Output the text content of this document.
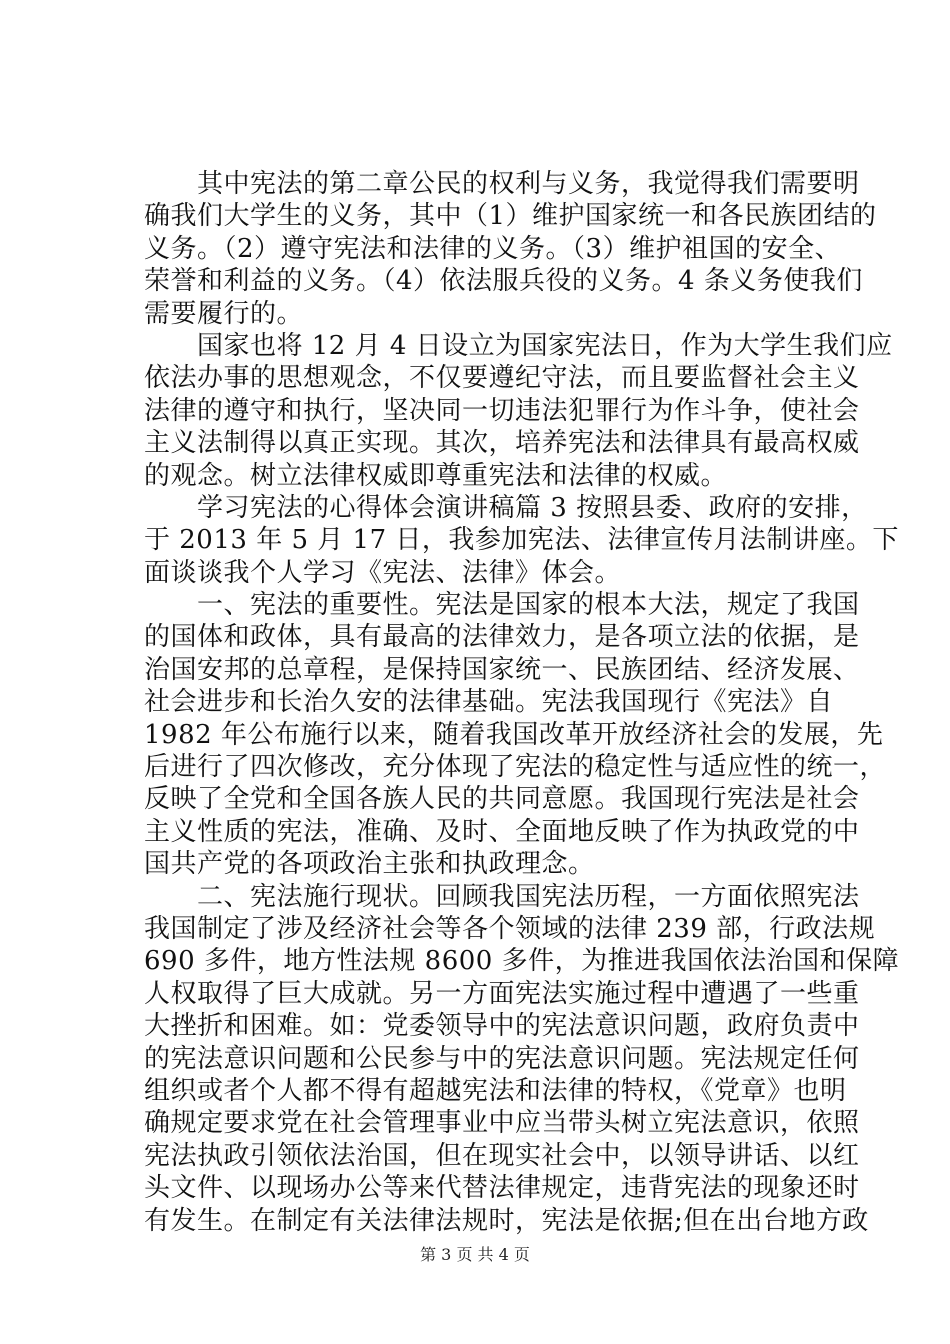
　　其中宪法的第二章公民的权利与义务，我觉得我们需要明
确我们大学生的义务，其中（1）维护国家统一和各民族团结的
义务。（2）遵守宪法和法律的义务。（3）维护祖国的安全、
荣誉和利益的义务。（4）依法服兵役的义务。4 条义务使我们
需要履行的。
　　国家也将 12 月 4 日设立为国家宪法日，作为大学生我们应
依法办事的思想观念，不仅要遵纪守法，而且要监督社会主义
法律的遵守和执行，坚决同一切违法犯罪行为作斗争，使社会
主义法制得以真正实现。其次，培养宪法和法律具有最高权威
的观念。树立法律权威即尊重宪法和法律的权威。
　　学习宪法的心得体会演讲稿篇 3 按照县委、政府的安排，
于 2013 年 5 月 17 日，我参加宪法、法律宣传月法制讲座。下
面谈谈我个人学习《宪法、法律》体会。
　　一、宪法的重要性。宪法是国家的根本大法，规定了我国
的国体和政体，具有最高的法律效力，是各项立法的依据，是
治国安邦的总章程，是保持国家统一、民族团结、经济发展、
社会进步和长治久安的法律基础。宪法我国现行《宪法》自
1982 年公布施行以来，随着我国改革开放经济社会的发展，先
后进行了四次修改，充分体现了宪法的稳定性与适应性的统一，
反映了全党和全国各族人民的共同意愿。我国现行宪法是社会
主义性质的宪法，准确、及时、全面地反映了作为执政党的中
国共产党的各项政治主张和执政理念。
　　二、宪法施行现状。回顾我国宪法历程，一方面依照宪法
我国制定了涉及经济社会等各个领域的法律 239 部，行政法规
690 多件，地方性法规 8600 多件，为推进我国依法治国和保障
人权取得了巨大成就。另一方面宪法实施过程中遭遇了一些重
大挫折和困难。如：党委领导中的宪法意识问题，政府负责中
的宪法意识问题和公民参与中的宪法意识问题。宪法规定任何
组织或者个人都不得有超越宪法和法律的特权，《党章》也明
确规定要求党在社会管理事业中应当带头树立宪法意识，依照
宪法执政引领依法治国，但在现实社会中，以领导讲话、以红
头文件、以现场办公等来代替法律规定，违背宪法的现象还时
有发生。在制定有关法律法规时，宪法是依据;但在出台地方政
第 3 页 共 4 页
